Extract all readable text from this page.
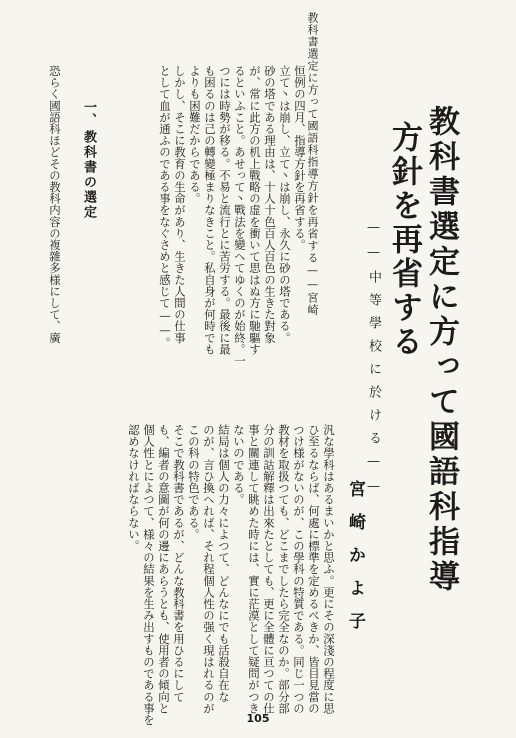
教科書選定に方って國語科指導方針を再省する——宮崎	教科書選定に方って國語科指導
方針を再省する
——中等學校に於ける——
宮崎かよ子
恒例の四月、指導方針を再省する。
立て丶は崩し、立て丶は崩し、永久に砂の塔である。
砂の塔である理由は、十人十色百人百色の生きた對象
が、常に此方の机上戰略の虚を衝いて思はぬ方に馳驅す
るといふこと。あせって丶戰法を變へてゆくのが始終。一
つには時勢が移る。不易と流行とに苦労する。最後に最
も困るのは己の轉變極まりなきこと。私自身が何時でも
よりも困難だからである。
しかし、そこに教育の生命があり、生きた人間の仕事
として血が通ふのである事をなぐさめと感じて——。
一、
教科書の選定
恐らく國語科ほどその教科内容の複雜多様にして、廣
汎な學科はあるまいかと思ふ。更にその深淺の程度に思
ひ至るならば、何處に標準を定めるべきか、皆目見當の
つけ様がないのが、この學科の特質である。同じ一つの
教材を取扱つても、どこまでしたら完全なのか。部分部
分の訓詁解釋は出來たとしても、更に全體に亘つての仕
事と關連して眺めた時には、實に茫漠として疑問がつき
ないのである。
結局は個人の力々によつて、どんなにでも活殺自在な
のが、言ひ換へれば、それ程個人性の强く現はれるのが
この科の特色である。
そこで教科書であるが、どんな教科書を用ひるにして
も、編者の意圖が何の邊にあらうとも、使用者の傾向と
個人性とによつて、様々の結果を生み出すものである事を
認めなければならない。
105
